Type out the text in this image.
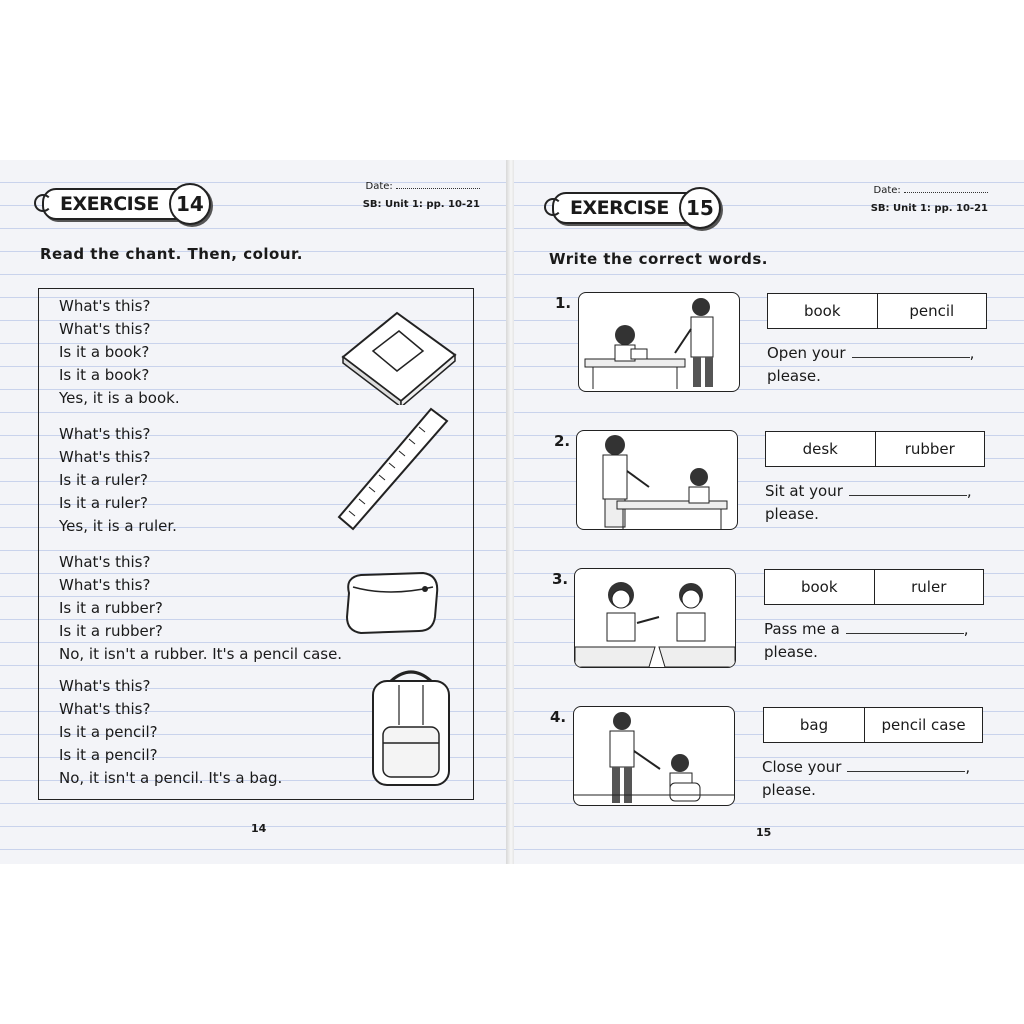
EXERCISE 14
Date:
SB: Unit 1: pp. 10-21
Read the chant. Then, colour.
What's this?
What's this?
Is it a book?
Is it a book?
Yes, it is a book.
What's this?
What's this?
Is it a ruler?
Is it a ruler?
Yes, it is a ruler.
What's this?
What's this?
Is it a rubber?
Is it a rubber?
No, it isn't a rubber. It's a pencil case.
What's this?
What's this?
Is it a pencil?
Is it a pencil?
No, it isn't a pencil. It's a bag.
14
EXERCISE 15
Date:
SB: Unit 1: pp. 10-21
Write the correct words.
1.	book	pencil
Open your	,
please.
2.	desk	rubber
Sit at your	,
please.
3.	book	ruler
Pass me a	,
please.
4.	bag	pencil case
Close your	,
please.
15
